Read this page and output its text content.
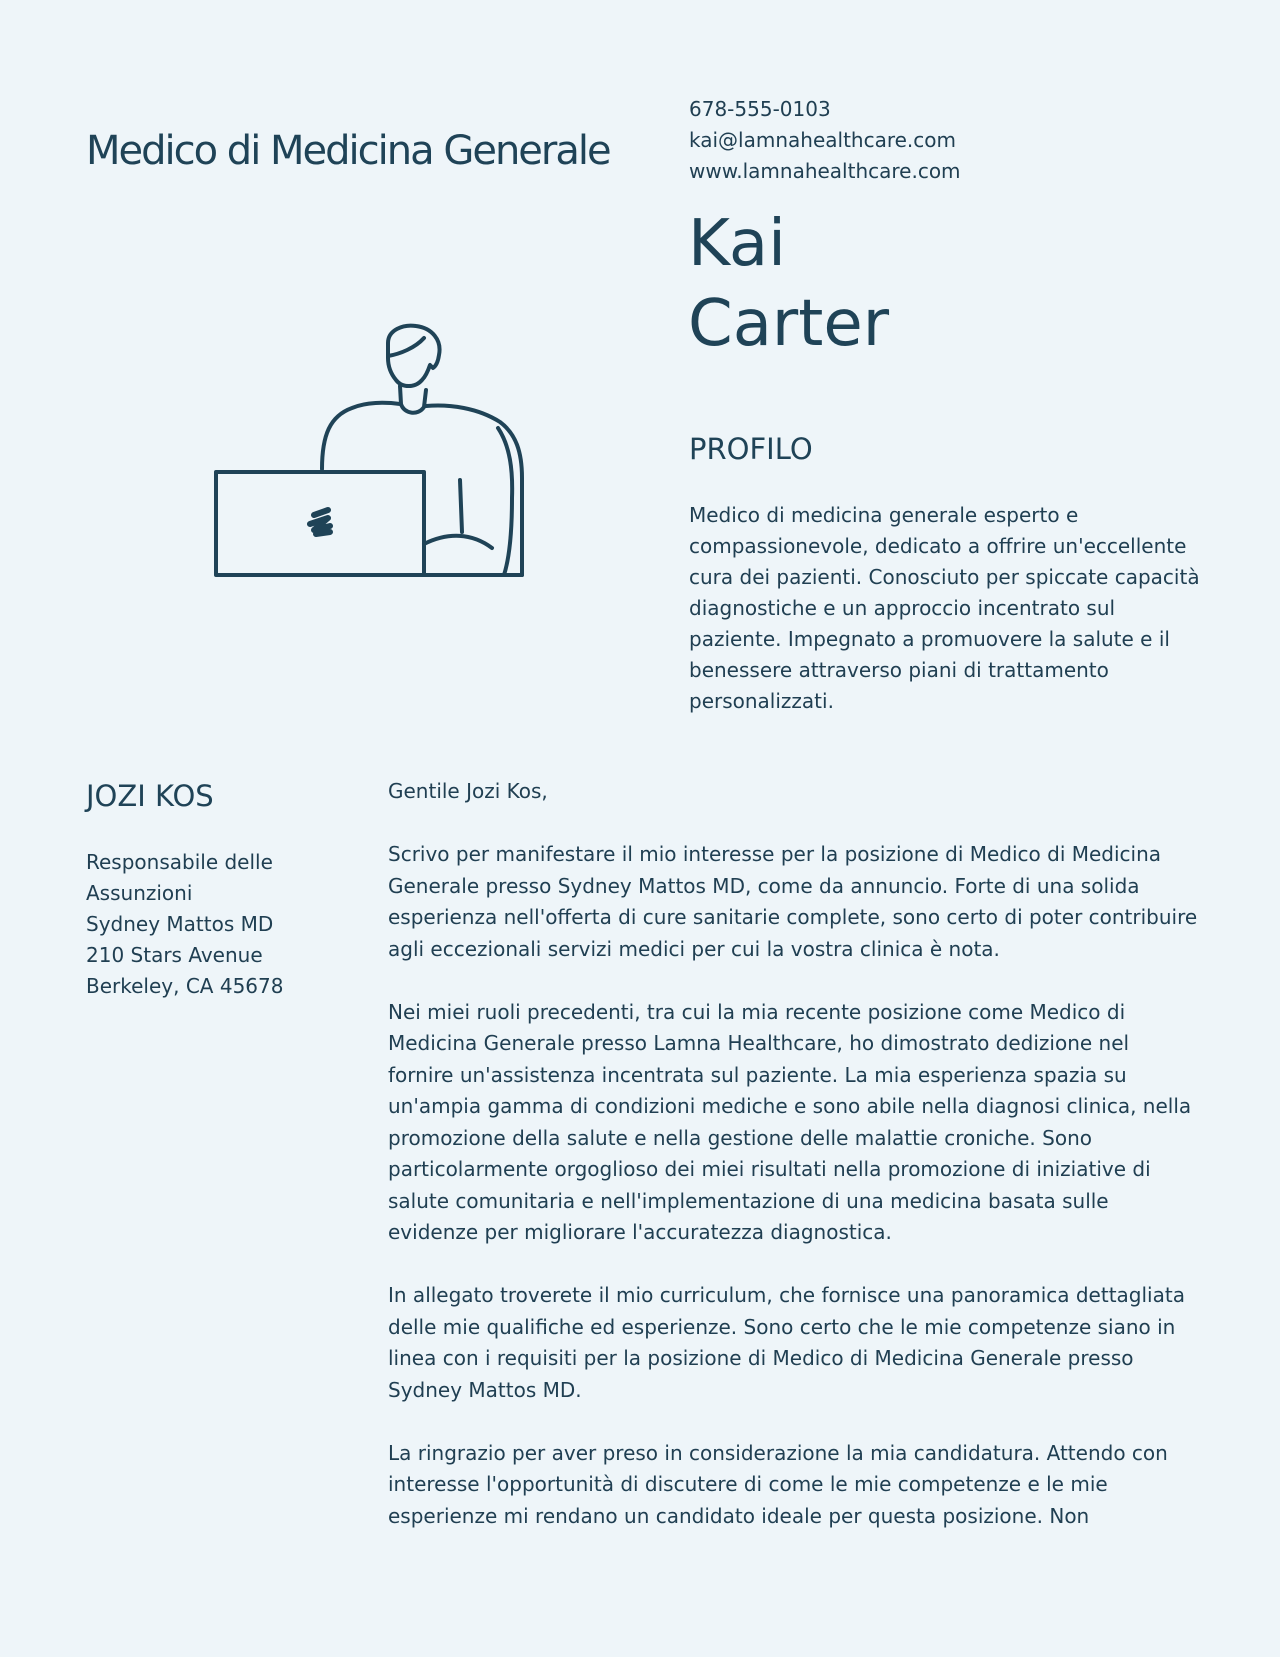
Medico di Medicina Generale
678-555-0103
kai@lamnahealthcare.com
www.lamnahealthcare.com
Kai
Carter
PROFILO

Medico di medicina generale esperto e compassionevole, dedicato a offrire un'eccellente cura dei pazienti. Conosciuto per spiccate capacità diagnostiche e un approccio incentrato sul paziente. Impegnato a promuovere la salute e il benessere attraverso piani di trattamento personalizzati.

JOZI KOS
Responsabile delle
Assunzioni
Sydney Mattos MD
210 Stars Avenue
Berkeley, CA 45678

Gentile Jozi Kos,

Scrivo per manifestare il mio interesse per la posizione di Medico di Medicina Generale presso Sydney Mattos MD, come da annuncio. Forte di una solida esperienza nell'offerta di cure sanitarie complete, sono certo di poter contribuire agli eccezionali servizi medici per cui la vostra clinica è nota.

Nei miei ruoli precedenti, tra cui la mia recente posizione come Medico di Medicina Generale presso Lamna Healthcare, ho dimostrato dedizione nel fornire un'assistenza incentrata sul paziente. La mia esperienza spazia su un'ampia gamma di condizioni mediche e sono abile nella diagnosi clinica, nella promozione della salute e nella gestione delle malattie croniche. Sono particolarmente orgoglioso dei miei risultati nella promozione di iniziative di salute comunitaria e nell'implementazione di una medicina basata sulle evidenze per migliorare l'accuratezza diagnostica.

In allegato troverete il mio curriculum, che fornisce una panoramica dettagliata delle mie qualifiche ed esperienze. Sono certo che le mie competenze siano in linea con i requisiti per la posizione di Medico di Medicina Generale presso Sydney Mattos MD.

La ringrazio per aver preso in considerazione la mia candidatura. Attendo con interesse l'opportunità di discutere di come le mie competenze e le mie esperienze mi rendano un candidato ideale per questa posizione. Non
